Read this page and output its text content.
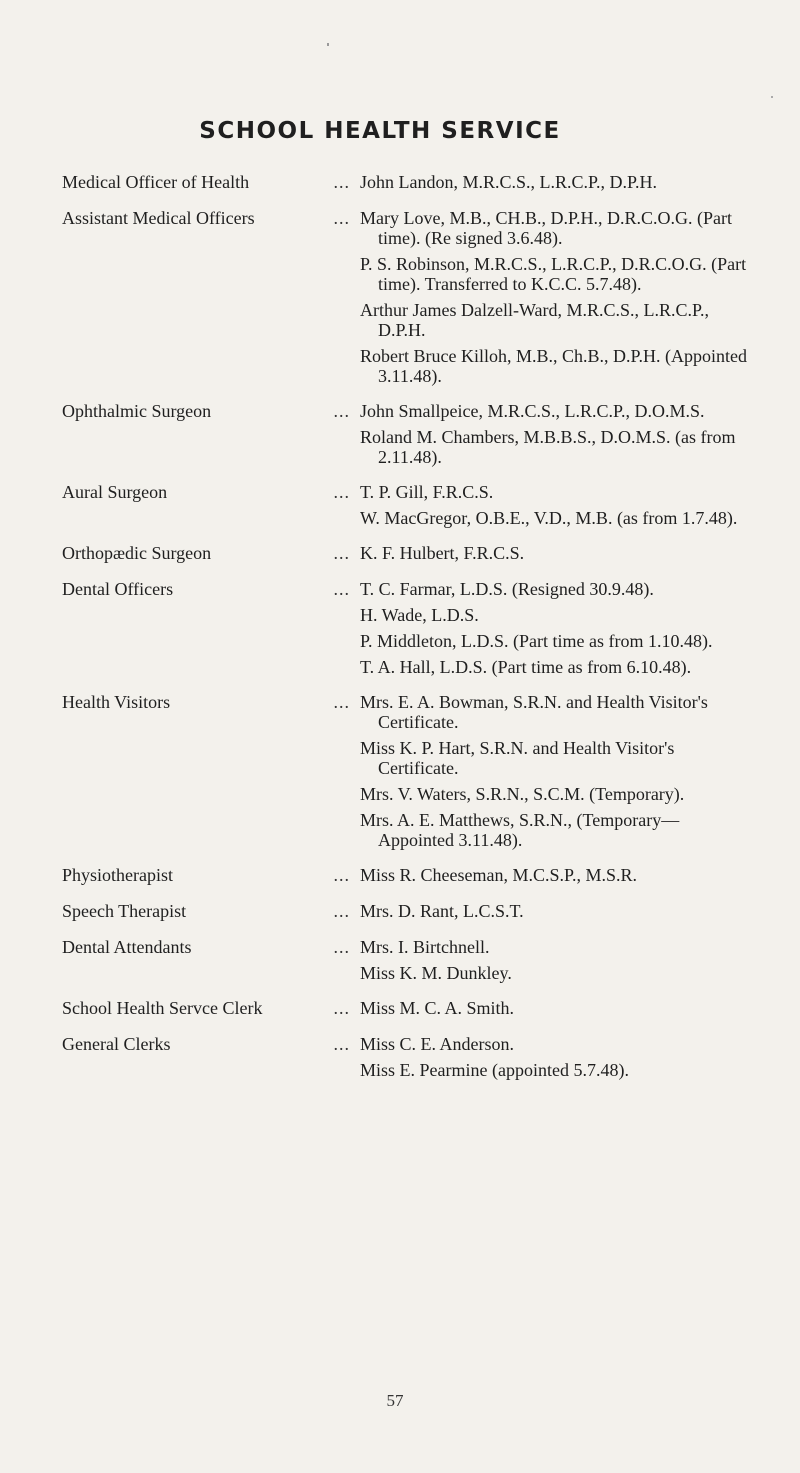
SCHOOL HEALTH SERVICE
Medical Officer of Health	... John Landon, M.R.C.S., L.R.C.P., D.P.H.
Assistant Medical Officers	... Mary Love, M.B., CH.B., D.P.H., D.R.C.O.G. (Part time). (Re signed 3.6.48).
P. S. Robinson, M.R.C.S., L.R.C.P., D.R.C.O.G. (Part time). Transferred to K.C.C. 5.7.48).
Arthur James Dalzell-Ward, M.R.C.S., L.R.C.P., D.P.H.
Robert Bruce Killoh, M.B., Ch.B., D.P.H. (Appointed 3.11.48).
Ophthalmic Surgeon	... John Smallpeice, M.R.C.S., L.R.C.P., D.O.M.S.
Roland M. Chambers, M.B.B.S., D.O.M.S. (as from 2.11.48).
Aural Surgeon	... T. P. Gill, F.R.C.S.
W. MacGregor, O.B.E., V.D., M.B. (as from 1.7.48).
Orthopædic Surgeon	... K. F. Hulbert, F.R.C.S.
Dental Officers	... T. C. Farmar, L.D.S. (Resigned 30.9.48).
H. Wade, L.D.S.
P. Middleton, L.D.S. (Part time as from 1.10.48).
T. A. Hall, L.D.S. (Part time as from 6.10.48).
Health Visitors	... Mrs. E. A. Bowman, S.R.N. and Health Visitor's Certificate.
Miss K. P. Hart, S.R.N. and Health Visitor's Certificate.
Mrs. V. Waters, S.R.N., S.C.M. (Temporary).
Mrs. A. E. Matthews, S.R.N., (Temporary—Appointed 3.11.48).
Physiotherapist	... Miss R. Cheeseman, M.C.S.P., M.S.R.
Speech Therapist	... Mrs. D. Rant, L.C.S.T.
Dental Attendants	... Mrs. I. Birtchnell.
Miss K. M. Dunkley.
School Health Servce Clerk	... Miss M. C. A. Smith.
General Clerks	... Miss C. E. Anderson.
Miss E. Pearmine (appointed 5.7.48).
57
